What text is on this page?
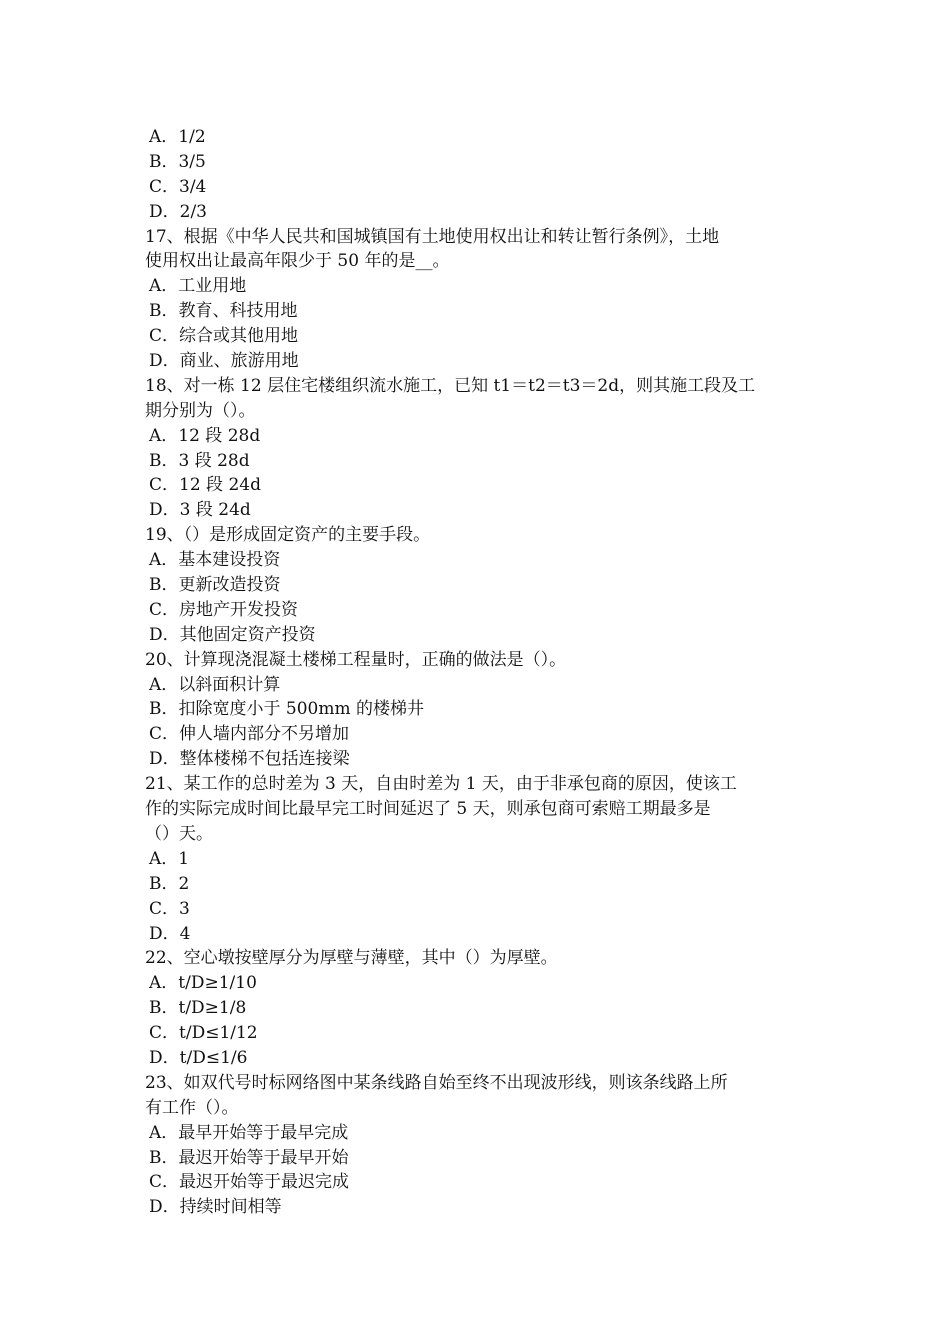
A．1/2
B．3/5
C．3/4
D．2/3
17、根据《中华人民共和国城镇国有土地使用权出让和转让暂行条例》，土地
使用权出让最高年限少于 50 年的是__。
A．工业用地
B．教育、科技用地
C．综合或其他用地
D．商业、旅游用地
18、对一栋 12 层住宅楼组织流水施工，已知 t1＝t2＝t3＝2d，则其施工段及工
期分别为（）。
A．12 段 28d
B．3 段 28d
C．12 段 24d
D．3 段 24d
19、（）是形成固定资产的主要手段。
A．基本建设投资
B．更新改造投资
C．房地产开发投资
D．其他固定资产投资
20、计算现浇混凝土楼梯工程量时，正确的做法是（）。
A．以斜面积计算
B．扣除宽度小于 500mm 的楼梯井
C．伸人墙内部分不另增加
D．整体楼梯不包括连接梁
21、某工作的总时差为 3 天，自由时差为 1 天，由于非承包商的原因，使该工
作的实际完成时间比最早完工时间延迟了 5 天，则承包商可索赔工期最多是
（）天。
A．1
B．2
C．3
D．4
22、空心墩按壁厚分为厚壁与薄壁，其中（）为厚壁。
A．t/D≥1/10
B．t/D≥1/8
C．t/D≤1/12
D．t/D≤1/6
23、如双代号时标网络图中某条线路自始至终不出现波形线，则该条线路上所
有工作（）。
A．最早开始等于最早完成
B．最迟开始等于最早开始
C．最迟开始等于最迟完成
D．持续时间相等
